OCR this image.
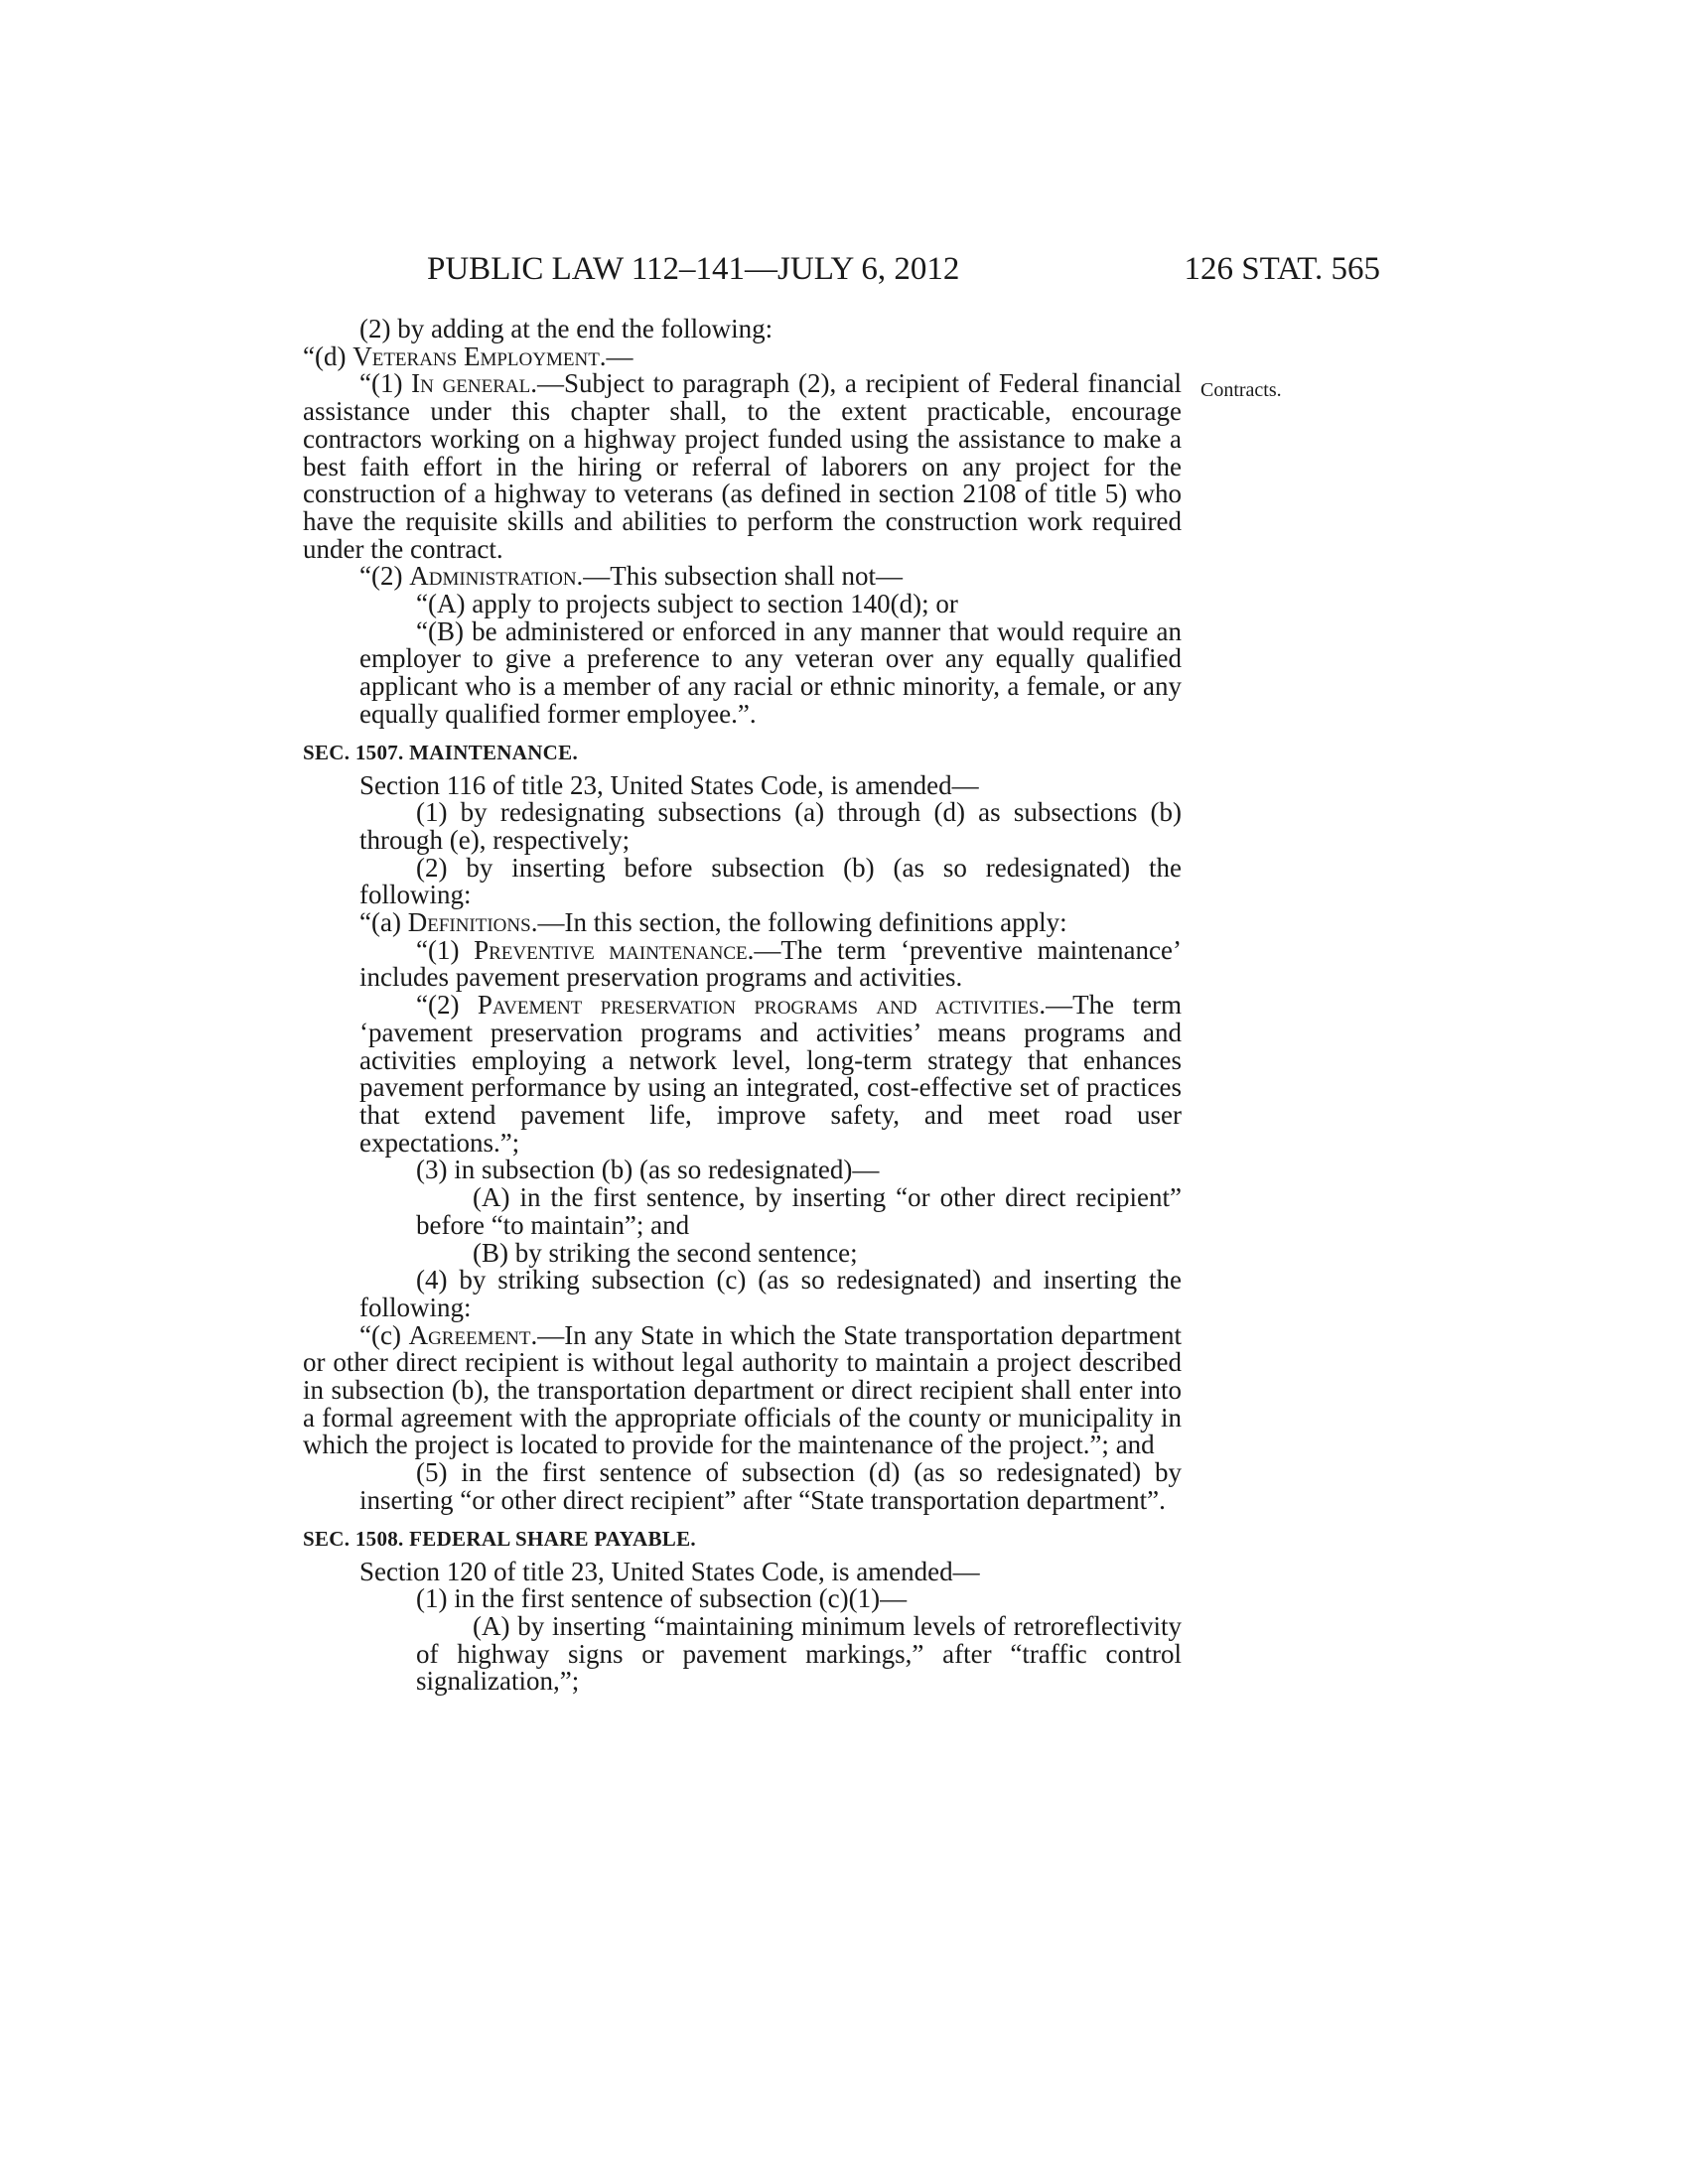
PUBLIC LAW 112–141—JULY 6, 2012	126 STAT. 565
Contracts.

(2) by adding at the end the following:

“(d) Veterans Employment.—

“(1) In general.—Subject to paragraph (2), a recipient of Federal financial assistance under this chapter shall, to the extent practicable, encourage contractors working on a highway project funded using the assistance to make a best faith effort in the hiring or referral of laborers on any project for the construction of a highway to veterans (as defined in section 2108 of title 5) who have the requisite skills and abilities to perform the construction work required under the contract.

“(2) Administration.—This subsection shall not—

“(A) apply to projects subject to section 140(d); or

“(B) be administered or enforced in any manner that would require an employer to give a preference to any veteran over any equally qualified applicant who is a member of any racial or ethnic minority, a female, or any equally qualified former employee.”.

SEC. 1507. MAINTENANCE.

Section 116 of title 23, United States Code, is amended—

(1) by redesignating subsections (a) through (d) as subsections (b) through (e), respectively;

(2) by inserting before subsection (b) (as so redesignated) the following:

“(a) Definitions.—In this section, the following definitions apply:

“(1) Preventive maintenance.—The term ‘preventive maintenance’ includes pavement preservation programs and activities.

“(2) Pavement preservation programs and activities.—The term ‘pavement preservation programs and activities’ means programs and activities employing a network level, long-term strategy that enhances pavement performance by using an integrated, cost-effective set of practices that extend pavement life, improve safety, and meet road user expectations.”;

(3) in subsection (b) (as so redesignated)—

(A) in the first sentence, by inserting “or other direct recipient” before “to maintain”; and

(B) by striking the second sentence;

(4) by striking subsection (c) (as so redesignated) and inserting the following:

“(c) Agreement.—In any State in which the State transportation department or other direct recipient is without legal authority to maintain a project described in subsection (b), the transportation department or direct recipient shall enter into a formal agreement with the appropriate officials of the county or municipality in which the project is located to provide for the maintenance of the project.”; and

(5) in the first sentence of subsection (d) (as so redesignated) by inserting “or other direct recipient” after “State transportation department”.

SEC. 1508. FEDERAL SHARE PAYABLE.

Section 120 of title 23, United States Code, is amended—

(1) in the first sentence of subsection (c)(1)—

(A) by inserting “maintaining minimum levels of retroreflectivity of highway signs or pavement markings,” after “traffic control signalization,”;
